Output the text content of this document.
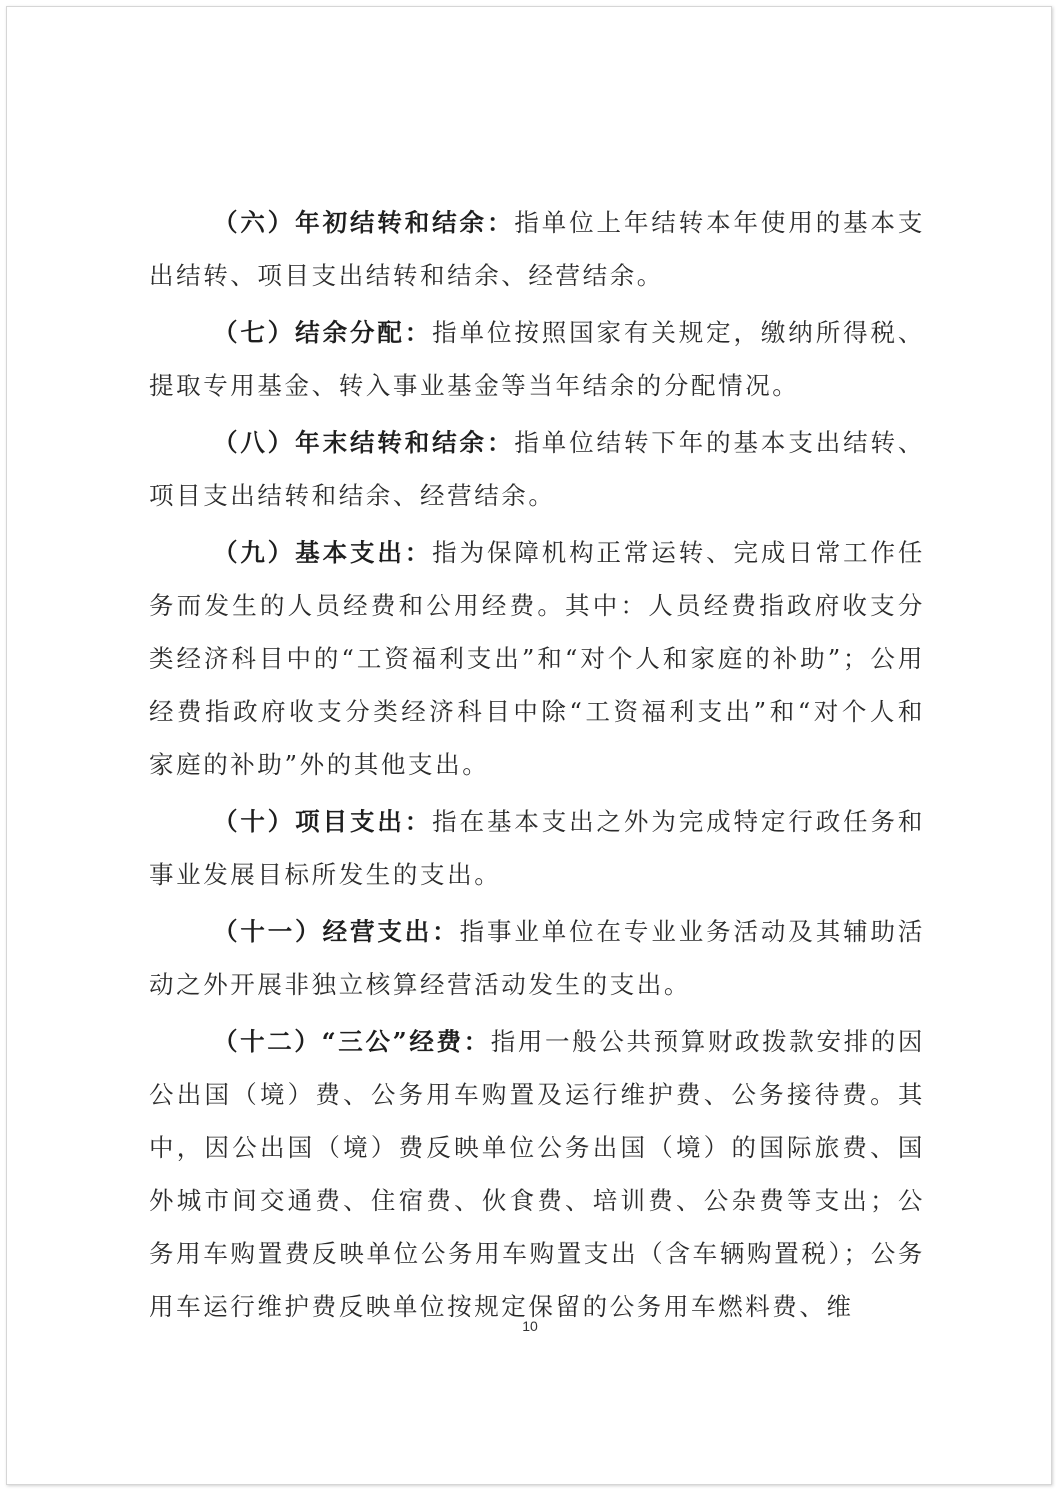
（六）年初结转和结余：指单位上年结转本年使用的基本支出结转、项目支出结转和结余、经营结余。

（七）结余分配：指单位按照国家有关规定，缴纳所得税、提取专用基金、转入事业基金等当年结余的分配情况。

（八）年末结转和结余：指单位结转下年的基本支出结转、项目支出结转和结余、经营结余。

（九）基本支出：指为保障机构正常运转、完成日常工作任务而发生的人员经费和公用经费。其中：人员经费指政府收支分类经济科目中的“工资福利支出”和“对个人和家庭的补助”；公用经费指政府收支分类经济科目中除“工资福利支出”和“对个人和家庭的补助”外的其他支出。

（十）项目支出：指在基本支出之外为完成特定行政任务和事业发展目标所发生的支出。

（十一）经营支出：指事业单位在专业业务活动及其辅助活动之外开展非独立核算经营活动发生的支出。

（十二）“三公”经费：指用一般公共预算财政拨款安排的因公出国（境）费、公务用车购置及运行维护费、公务接待费。其中，因公出国（境）费反映单位公务出国（境）的国际旅费、国外城市间交通费、住宿费、伙食费、培训费、公杂费等支出；公务用车购置费反映单位公务用车购置支出（含车辆购置税）；公务用车运行维护费反映单位按规定保留的公务用车燃料费、维

10
